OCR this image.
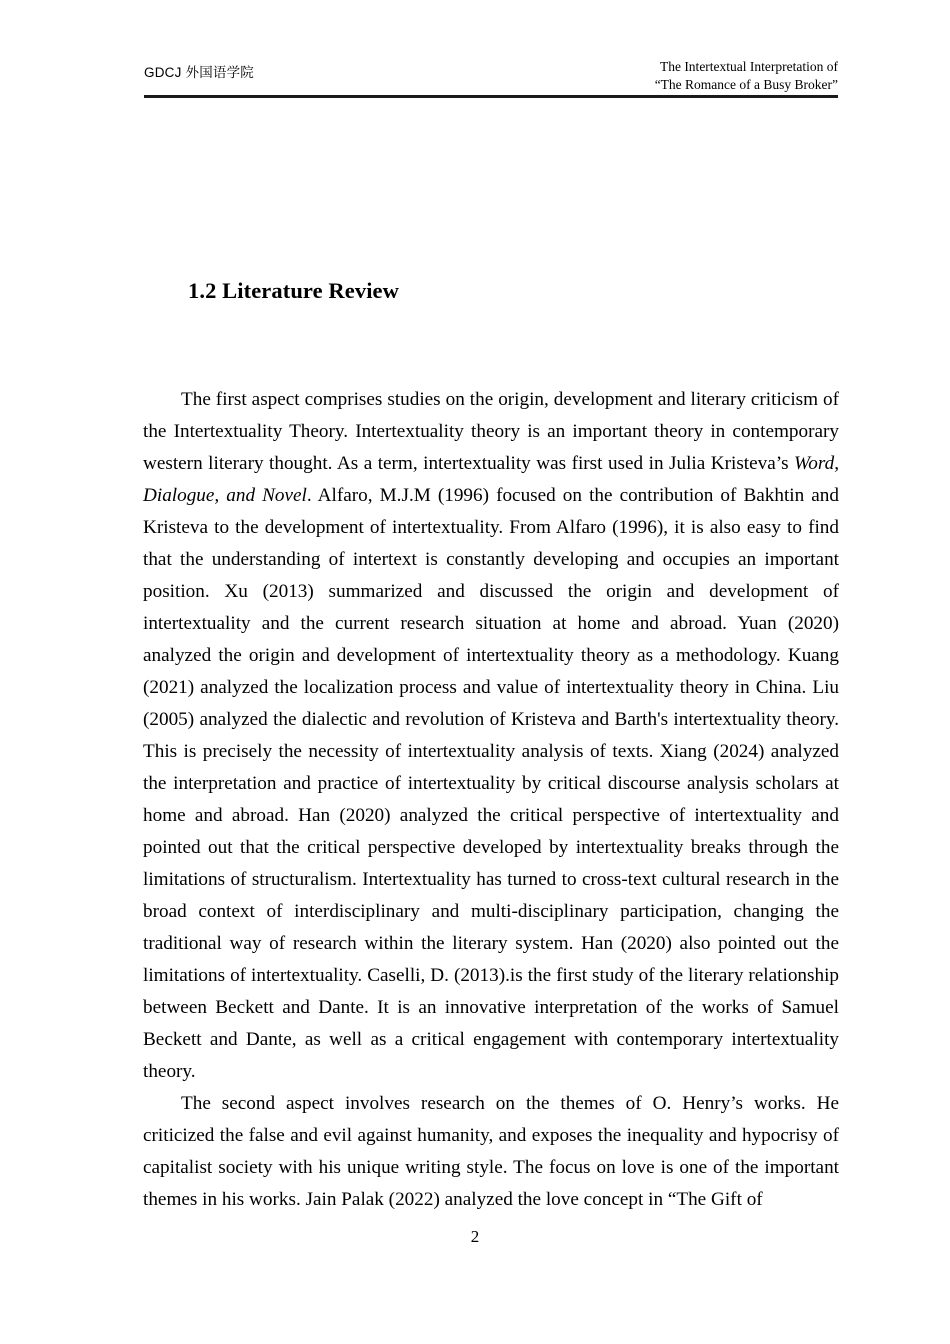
GDCJ 外国语学院	The Intertextual Interpretation of
“The Romance of a Busy Broker”
1.2 Literature Review

The first aspect comprises studies on the origin, development and literary criticism of the Intertextuality Theory. Intertextuality theory is an important theory in contemporary western literary thought. As a term, intertextuality was first used in Julia Kristeva’s Word, Dialogue, and Novel. Alfaro, M.J.M (1996) focused on the contribution of Bakhtin and Kristeva to the development of intertextuality. From Alfaro (1996), it is also easy to find that the understanding of intertext is constantly developing and occupies an important position. Xu (2013) summarized and discussed the origin and development of intertextuality and the current research situation at home and abroad. Yuan (2020) analyzed the origin and development of intertextuality theory as a methodology. Kuang (2021) analyzed the localization process and value of intertextuality theory in China. Liu (2005) analyzed the dialectic and revolution of Kristeva and Barth's intertextuality theory. This is precisely the necessity of intertextuality analysis of texts. Xiang (2024) analyzed the interpretation and practice of intertextuality by critical discourse analysis scholars at home and abroad. Han (2020) analyzed the critical perspective of intertextuality and pointed out that the critical perspective developed by intertextuality breaks through the limitations of structuralism. Intertextuality has turned to cross-text cultural research in the broad context of interdisciplinary and multi-disciplinary participation, changing the traditional way of research within the literary system. Han (2020) also pointed out the limitations of intertextuality. Caselli, D. (2013).is the first study of the literary relationship between Beckett and Dante. It is an innovative interpretation of the works of Samuel Beckett and Dante, as well as a critical engagement with contemporary intertextuality theory.

The second aspect involves research on the themes of O. Henry’s works. He criticized the false and evil against humanity, and exposes the inequality and hypocrisy of capitalist society with his unique writing style. The focus on love is one of the important themes in his works. Jain Palak (2022) analyzed the love concept in “The Gift of

2
